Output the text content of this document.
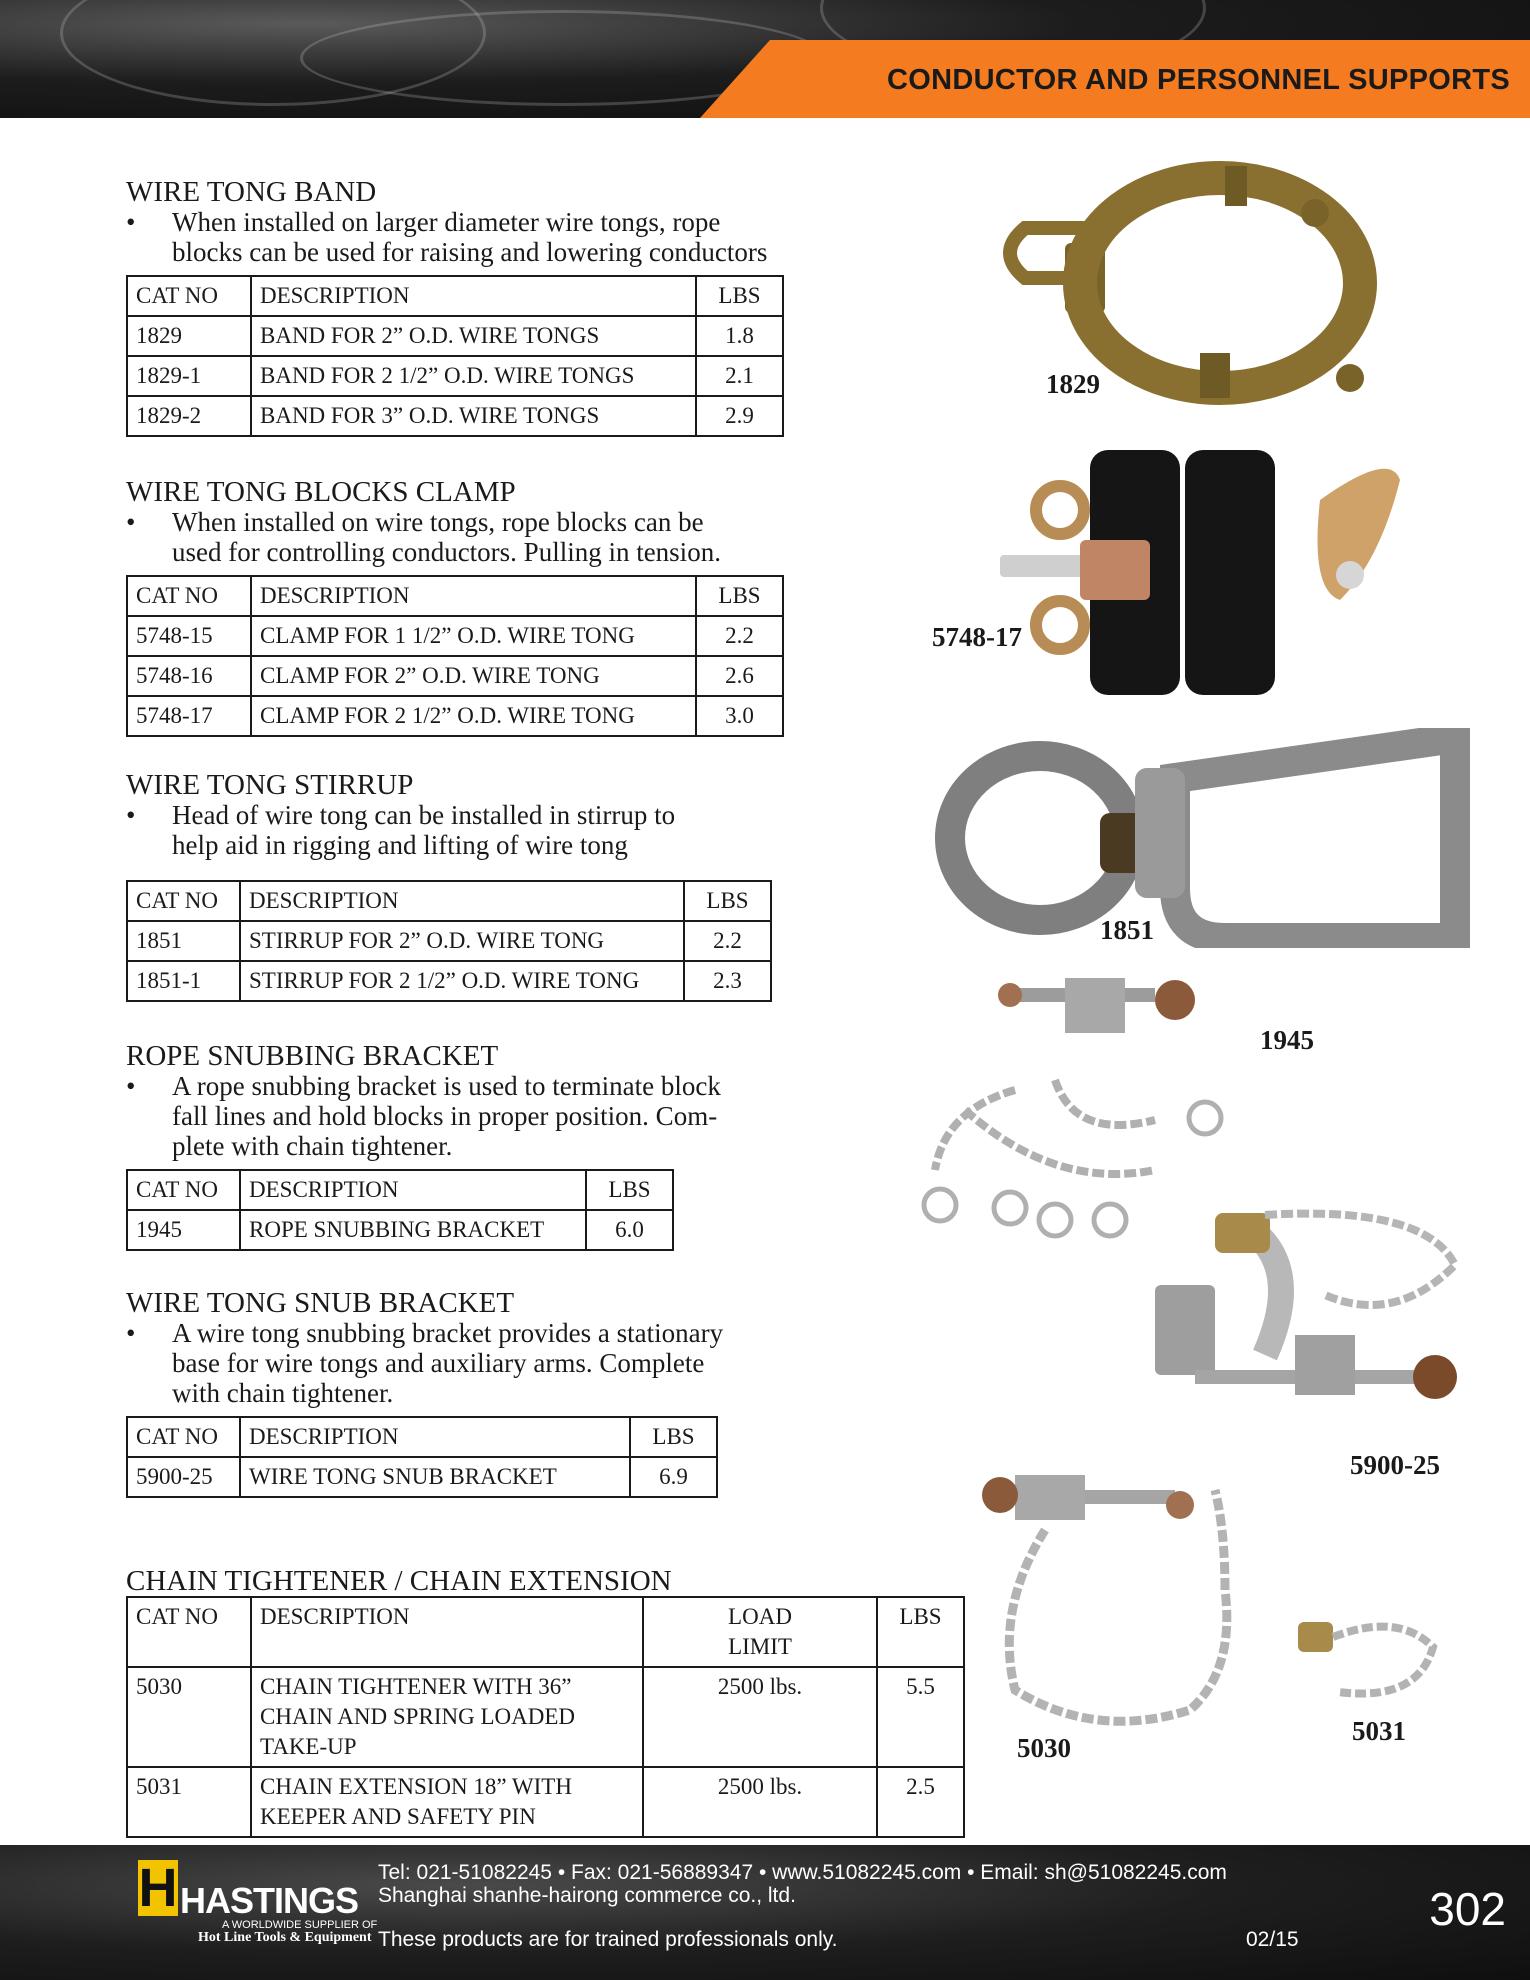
CONDUCTOR AND PERSONNEL SUPPORTS
WIRE TONG BAND
• When installed on larger diameter wire tongs, rope
blocks can be used for raising and lowering conductors
CAT NO	DESCRIPTION	LBS
1829	BAND FOR 2” O.D. WIRE TONGS	1.8
1829-1	BAND FOR 2 1/2” O.D. WIRE TONGS	2.1
1829-2	BAND FOR 3” O.D. WIRE TONGS	2.9
WIRE TONG BLOCKS CLAMP
• When installed on wire tongs, rope blocks can be
used for controlling conductors. Pulling in tension.
CAT NO	DESCRIPTION	LBS
5748-15	CLAMP FOR 1 1/2” O.D. WIRE TONG	2.2
5748-16	CLAMP FOR 2” O.D. WIRE TONG	2.6
5748-17	CLAMP FOR 2 1/2” O.D. WIRE TONG	3.0
WIRE TONG STIRRUP
• Head of wire tong can be installed in stirrup to
help aid in rigging and lifting of wire tong
CAT NO	DESCRIPTION	LBS
1851	STIRRUP FOR 2” O.D. WIRE TONG	2.2
1851-1	STIRRUP FOR 2 1/2” O.D. WIRE TONG	2.3
ROPE SNUBBING BRACKET
• A rope snubbing bracket is used to terminate block
fall lines and hold blocks in proper position. Com-
plete with chain tightener.
CAT NO	DESCRIPTION	LBS
1945	ROPE SNUBBING BRACKET	6.0
WIRE TONG SNUB BRACKET
• A wire tong snubbing bracket provides a stationary
base for wire tongs and auxiliary arms. Complete
with chain tightener.
CAT NO	DESCRIPTION	LBS
5900-25	WIRE TONG SNUB BRACKET	6.9
CHAIN TIGHTENER / CHAIN EXTENSION
CAT NO	DESCRIPTION	LOAD LIMIT	LBS
5030	CHAIN TIGHTENER WITH 36” CHAIN AND SPRING LOADED TAKE-UP	2500 lbs.	5.5
5031	CHAIN EXTENSION 18” WITH KEEPER AND SAFETY PIN	2500 lbs.	2.5
1829
5748-17
1851
1945
5900-25
5030
5031
H HASTINGS
A WORLDWIDE SUPPLIER OF
Hot Line Tools & Equipment
Tel: 021-51082245 • Fax: 021-56889347 • www.51082245.com • Email: sh@51082245.com
Shanghai shanhe-hairong commerce co., ltd.
These products are for trained professionals only.	02/15
302
